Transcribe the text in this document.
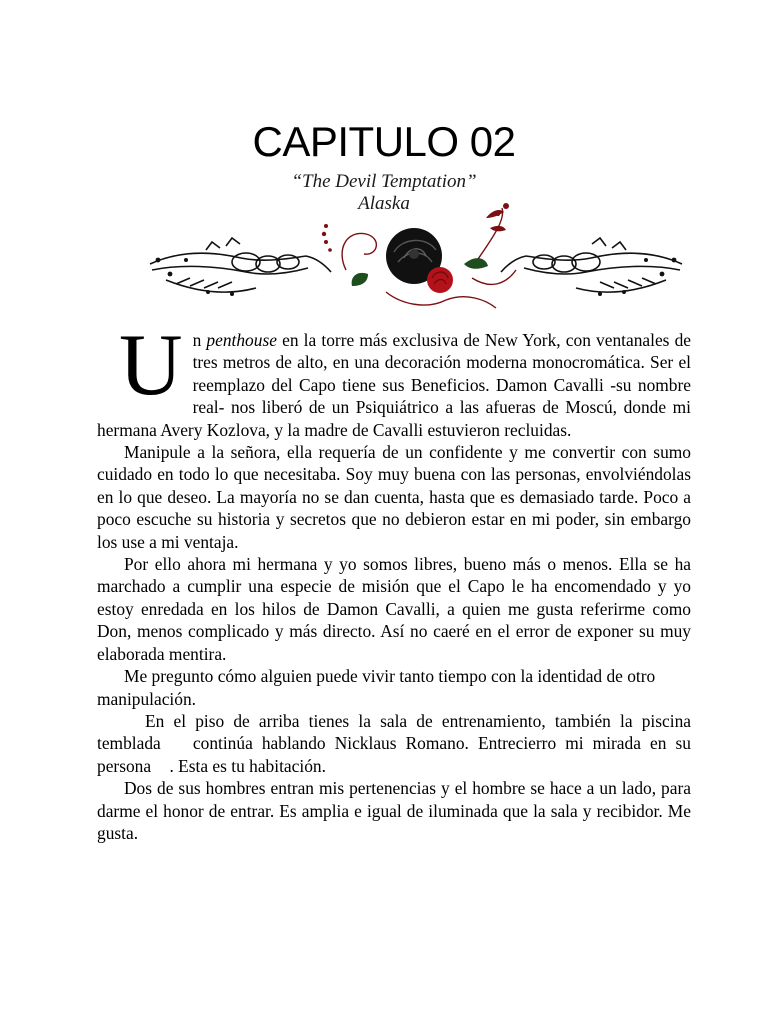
CAPITULO 02
“The Devil Temptation”
Alaska

Un penthouse en la torre más exclusiva de New York, con ventanales de tres metros de alto, en una decoración moderna monocromática. Ser el reemplazo del Capo tiene sus Beneficios. Damon Cavalli -su nombre real- nos liberó de un Psiquiátrico a las afueras de Moscú, donde mi hermana Avery Kozlova, y la madre de Cavalli estuvieron recluidas.

Manipule a la señora, ella requería de un confidente y me convertir con sumo cuidado en todo lo que necesitaba. Soy muy buena con las personas, envolviéndolas en lo que deseo. La mayoría no se dan cuenta, hasta que es demasiado tarde. Poco a poco escuche su historia y secretos que no debieron estar en mi poder, sin embargo los use a mi ventaja.

Por ello ahora mi hermana y yo somos libres, bueno más o menos. Ella se ha marchado a cumplir una especie de misión que el Capo le ha encomendado y yo estoy enredada en los hilos de Damon Cavalli, a quien me gusta referirme como Don, menos complicado y más directo. Así no caeré en el error de exponer su muy elaborada mentira.

Me pregunto cómo alguien puede vivir tanto tiempo con la identidad de otro

manipulación.

En el piso de arriba tienes la sala de entrenamiento, también la piscina temblada continúa hablando Nicklaus Romano. Entrecierro mi mirada en su persona . Esta es tu habitación.

Dos de sus hombres entran mis pertenencias y el hombre se hace a un lado, para darme el honor de entrar. Es amplia e igual de iluminada que la sala y recibidor. Me gusta.
